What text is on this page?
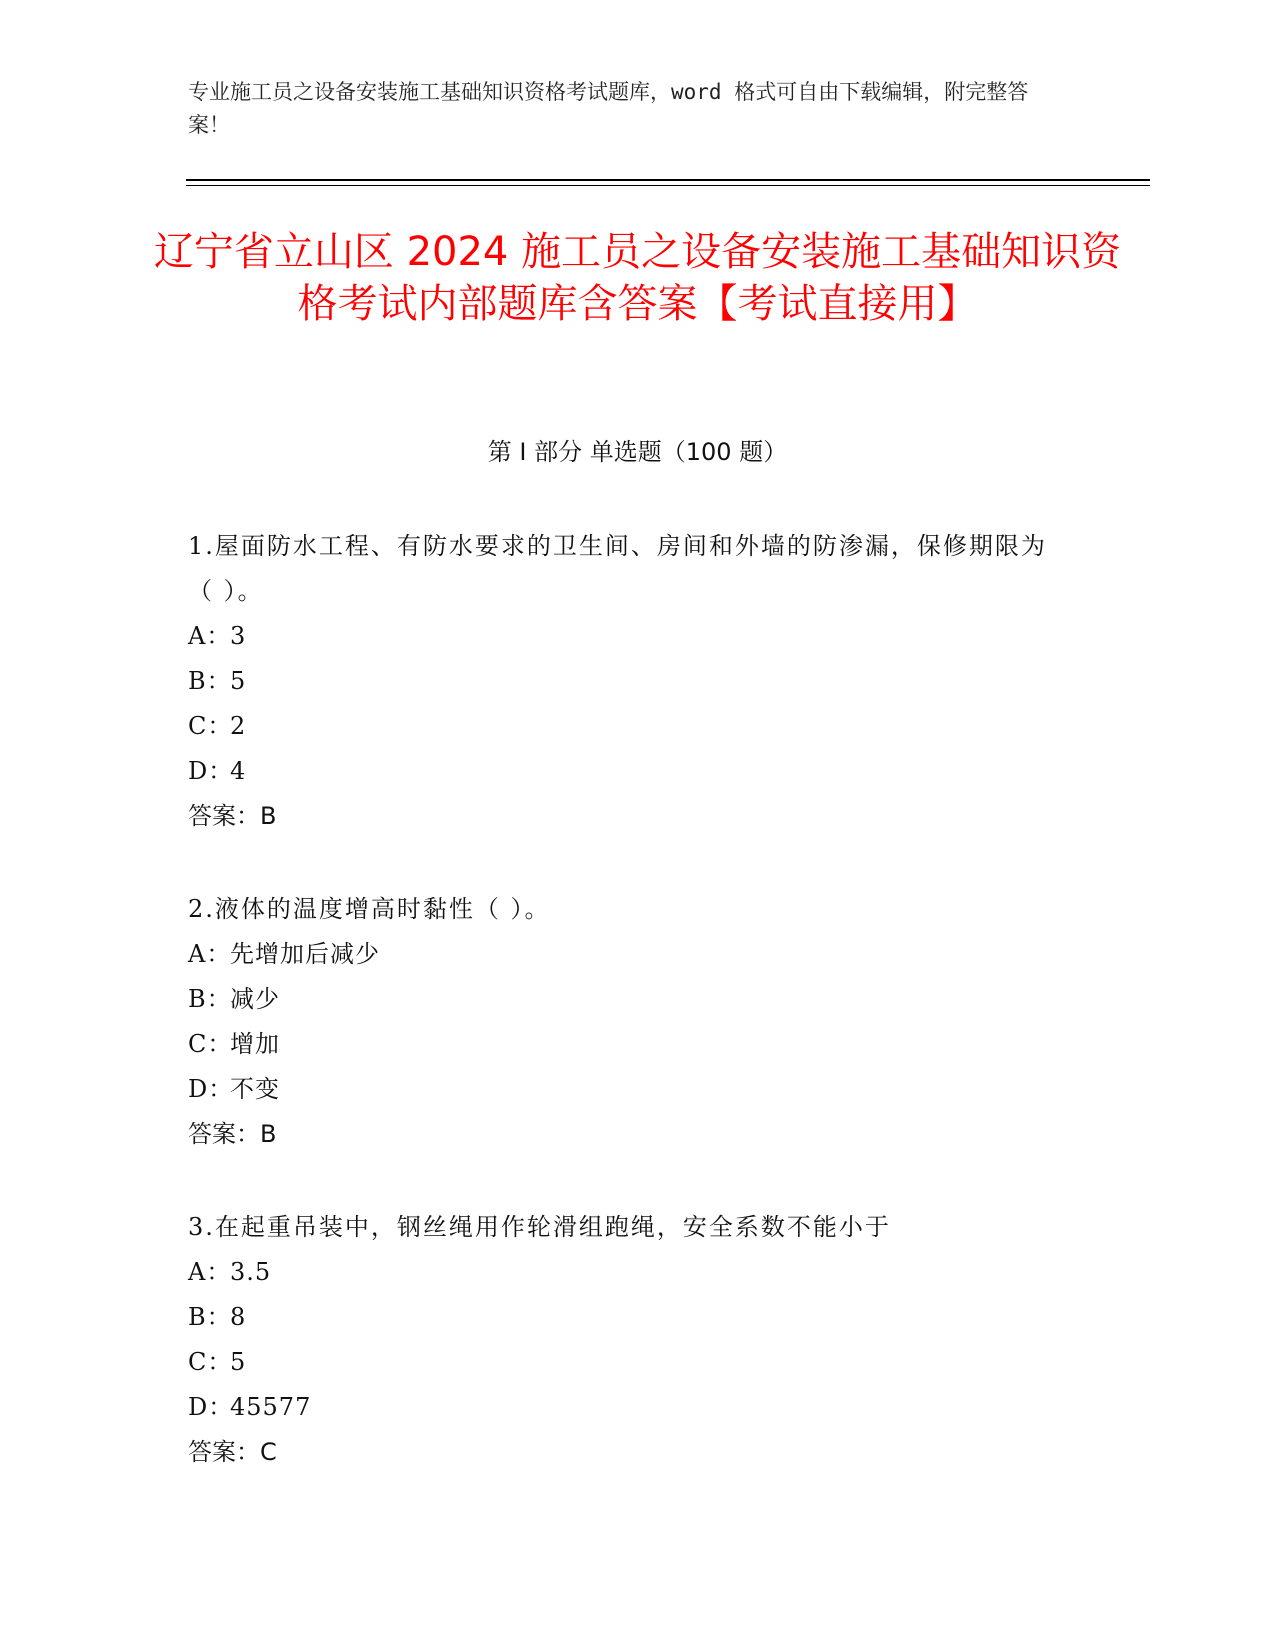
专业施工员之设备安装施工基础知识资格考试题库，word 格式可自由下载编辑，附完整答案！
辽宁省立山区 2024 施工员之设备安装施工基础知识资格考试内部题库含答案【考试直接用】
第 I 部分 单选题（100 题）
1.屋面防水工程、有防水要求的卫生间、房间和外墙的防渗漏，保修期限为（ ）。
A：3
B：5
C：2
D：4
答案：B
2.液体的温度增高时黏性（ ）。
A：先增加后减少
B：减少
C：增加
D：不变
答案：B
3.在起重吊装中，钢丝绳用作轮滑组跑绳，安全系数不能小于
A：3.5
B：8
C：5
D：45577
答案：C
